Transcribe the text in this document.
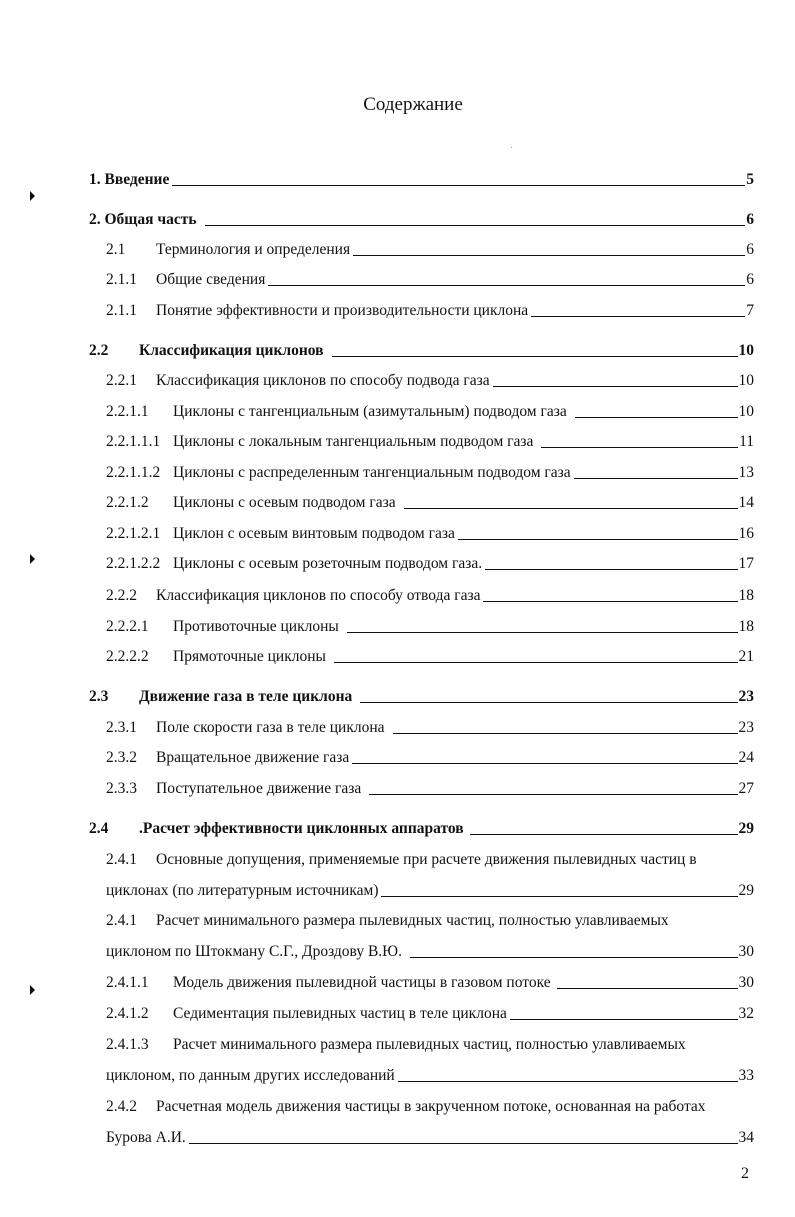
Содержание
1. Введение	5
2. Общая часть	6
2.1	Терминология и определения	6
2.1.1	Общие сведения	6
2.1.1	Понятие эффективности и производительности циклона	7
2.2	Классификация циклонов	10
2.2.1	Классификация циклонов по способу подвода газа	10
2.2.1.1	Циклоны с тангенциальным (азимутальным) подводом газа	10
2.2.1.1.1 Циклоны с локальным тангенциальным подводом газа	11
2.2.1.1.2 Циклоны с распределенным тангенциальным подводом газа	13
2.2.1.2	Циклоны с осевым подводом газа	14
2.2.1.2.1 Циклон с осевым винтовым подводом газа	16
2.2.1.2.2 Циклоны с осевым розеточным подводом газа.	17
2.2.2	Классификация циклонов по способу отвода газа	18
2.2.2.1	Противоточные циклоны	18
2.2.2.2	Прямоточные циклоны	21
2.3	Движение газа в теле циклона	23
2.3.1	Поле скорости газа в теле циклона	23
2.3.2	Вращательное движение газа	24
2.3.3	Поступательное движение газа	27
2.4	.Расчет эффективности циклонных аппаратов	29
2.4.1 Основные допущения, применяемые при расчете движения пылевидных частиц в
циклонах (по литературным источникам)	29
2.4.1 Расчет минимального размера пылевидных частиц, полностью улавливаемых
циклоном по Штокману С.Г., Дроздову В.Ю.	30
2.4.1.1	Модель движения пылевидной частицы в газовом потоке	30
2.4.1.2	Седиментация пылевидных частиц в теле циклона	32
2.4.1.3 Расчет минимального размера пылевидных частиц, полностью улавливаемых
циклоном, по данным других исследований	33
2.4.2 Расчетная модель движения частицы в закрученном потоке, основанная на работах
Бурова А.И.	34
2
